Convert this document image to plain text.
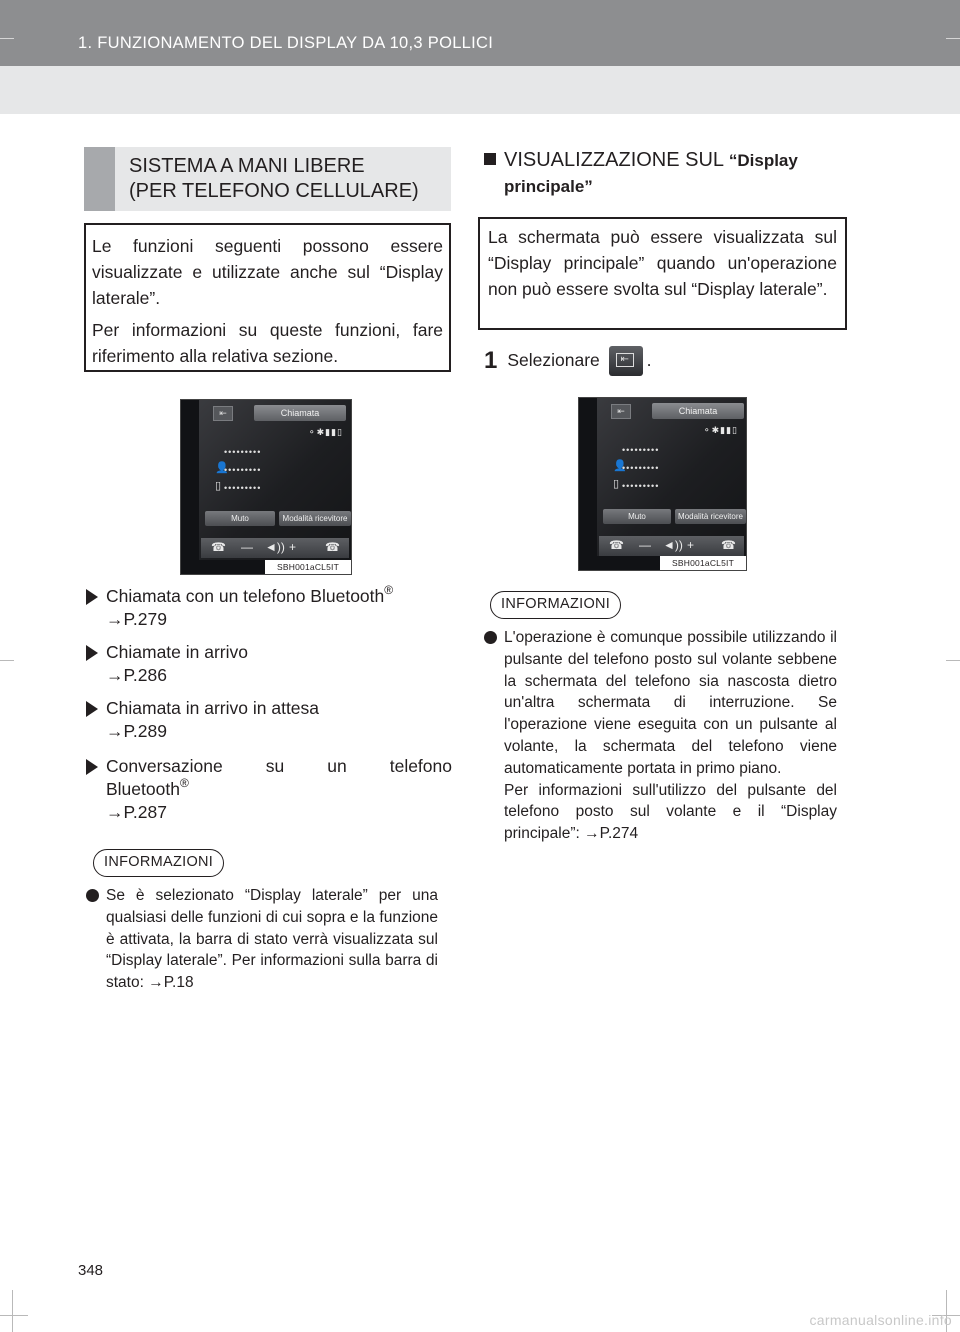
1. FUNZIONAMENTO DEL DISPLAY DA 10,3 POLLICI
SISTEMA A MANI LIBERE
(PER TELEFONO CELLULARE)

Le funzioni seguenti possono essere visualizzate e utilizzate anche sul “Display laterale”.

Per informazioni su queste funzioni, fare riferimento alla relativa sezione.

⇤	Chiamata
⚬✱▮▮▯
•••••••••
👤
•••••••••
▯ •••••••••
Muto	Modalità ricevitore
☎ — ◄)) + ☎
SBH001aCL5IT
Chiamata con un telefono Bluetooth®
→P.279
Chiamate in arrivo
→P.286
Chiamata in arrivo in attesa
→P.289
Conversazione su un telefono
Bluetooth®
→P.287
INFORMAZIONI

Se è selezionato “Display laterale” per una qualsiasi delle funzioni di cui sopra e la funzione è attivata, la barra di stato verrà visualizzata sul “Display laterale”. Per informazioni sulla barra di stato: →P.18

VISUALIZZAZIONE SUL “Display
principale”

La schermata può essere visualizzata sul “Display principale” quando un'operazione non può essere svolta sul “Display laterale”.

1 Selezionare	⇤ .
⇤	Chiamata
⚬✱▮▮▯
•••••••••
👤
•••••••••
▯ •••••••••
Muto	Modalità ricevitore
☎ — ◄)) + ☎
SBH001aCL5IT
INFORMAZIONI

L'operazione è comunque possibile utilizzando il pulsante del telefono posto sul volante sebbene la schermata del telefono sia nascosta dietro un'altra schermata di interruzione. Se l'operazione viene eseguita con un pulsante al volante, la schermata del telefono viene automaticamente portata in primo piano.

Per informazioni sull'utilizzo del pulsante del telefono posto sul volante e il “Display principale”: →P.274

348
carmanualsonline.info
